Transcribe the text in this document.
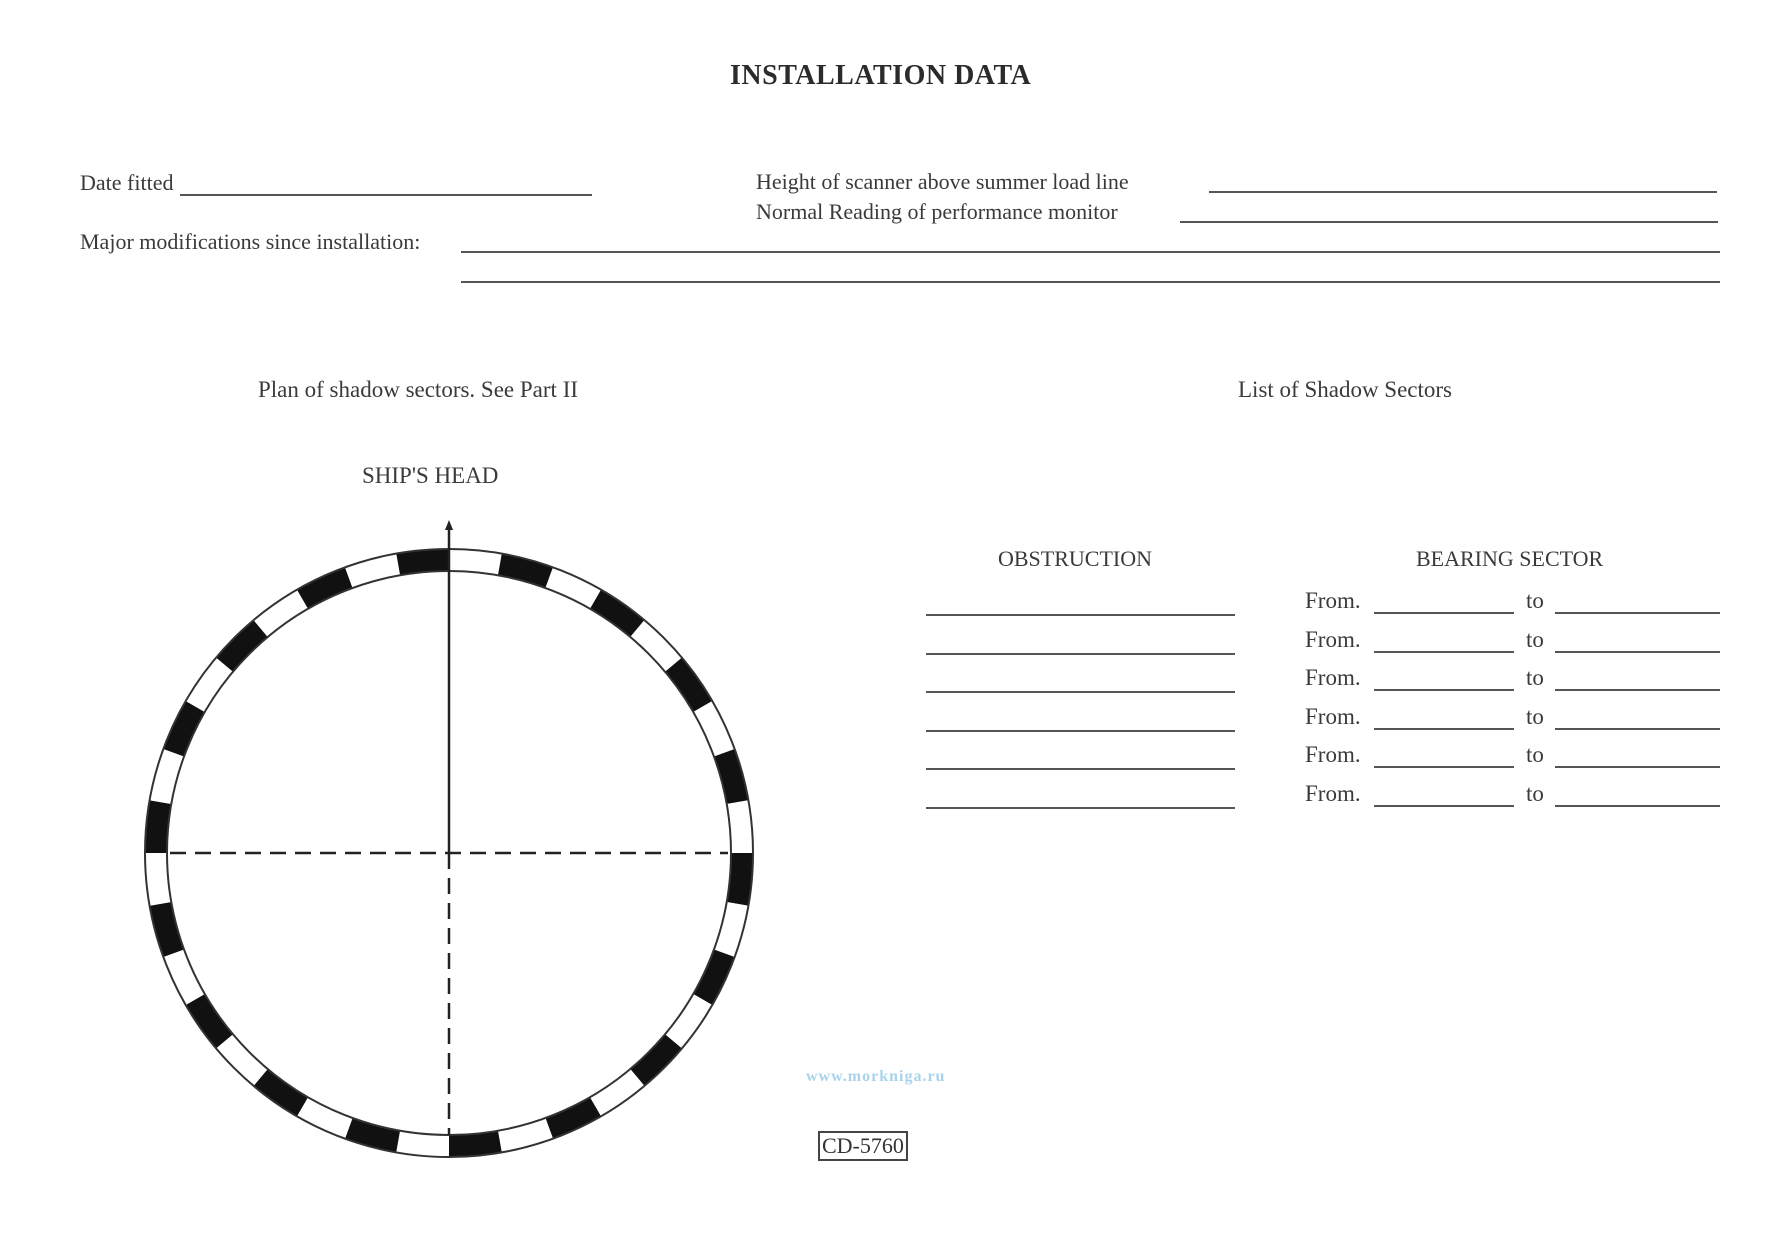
INSTALLATION DATA
Date fitted	Height of scanner above summer load line
Normal Reading of performance monitor
Major modifications since installation:
Plan of shadow sectors. See Part II	List of Shadow Sectors
SHIP'S HEAD
OBSTRUCTION	BEARING SECTOR
From.	to
From.	to
From.	to
From.	to
From.	to
From.	to
www.morkniga.ru
CD-5760
